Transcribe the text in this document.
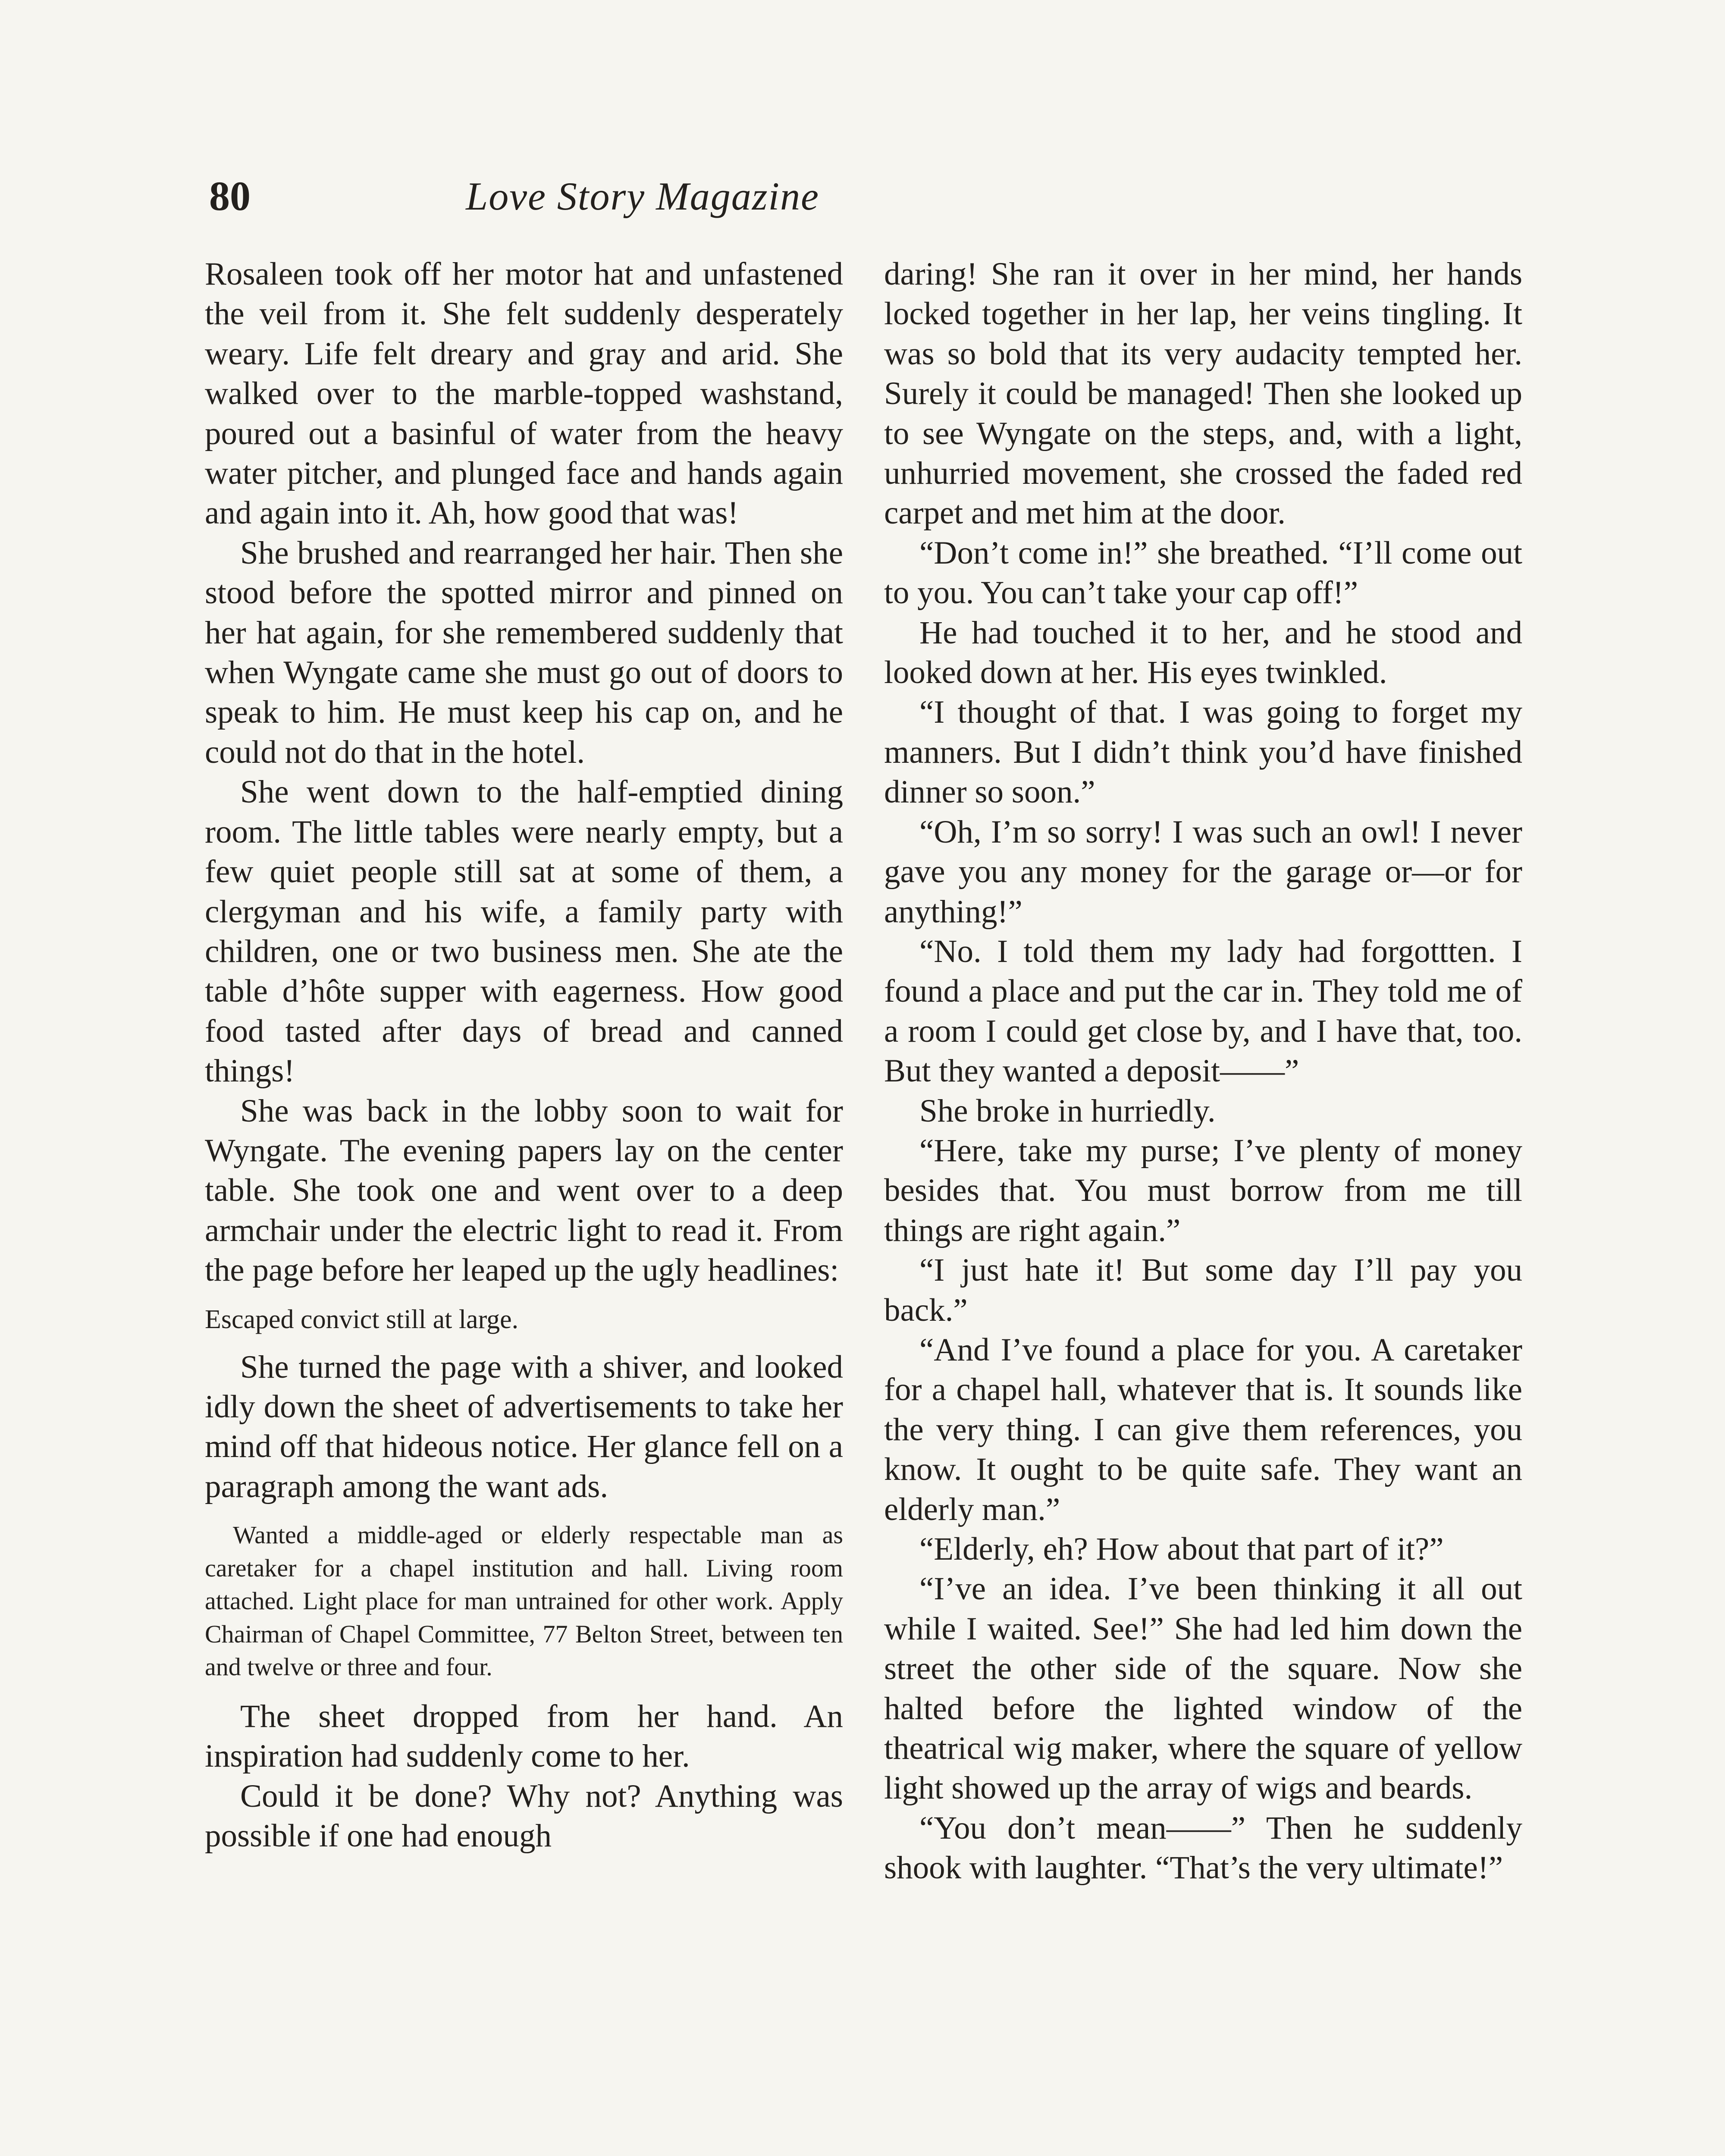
80	Love Story Magazine

Rosaleen took off her motor hat and unfastened the veil from it. She felt suddenly desperately weary. Life felt dreary and gray and arid. She walked over to the marble-topped washstand, poured out a basinful of water from the heavy water pitcher, and plunged face and hands again and again into it. Ah, how good that was!

She brushed and rearranged her hair. Then she stood before the spotted mirror and pinned on her hat again, for she remembered suddenly that when Wyngate came she must go out of doors to speak to him. He must keep his cap on, and he could not do that in the hotel.

She went down to the half-emptied dining room. The little tables were nearly empty, but a few quiet people still sat at some of them, a clergyman and his wife, a family party with children, one or two business men. She ate the table d’hôte supper with eagerness. How good food tasted after days of bread and canned things!

She was back in the lobby soon to wait for Wyngate. The evening papers lay on the center table. She took one and went over to a deep armchair under the electric light to read it. From the page before her leaped up the ugly headlines:

Escaped convict still at large.

She turned the page with a shiver, and looked idly down the sheet of advertisements to take her mind off that hideous notice. Her glance fell on a paragraph among the want ads.

Wanted a middle-aged or elderly respectable man as caretaker for a chapel institution and hall. Living room attached. Light place for man untrained for other work. Apply Chairman of Chapel Committee, 77 Belton Street, between ten and twelve or three and four.

The sheet dropped from her hand. An inspiration had suddenly come to her.

Could it be done? Why not? Anything was possible if one had enough

daring! She ran it over in her mind, her hands locked together in her lap, her veins tingling. It was so bold that its very audacity tempted her. Surely it could be managed! Then she looked up to see Wyngate on the steps, and, with a light, unhurried movement, she crossed the faded red carpet and met him at the door.

“Don’t come in!” she breathed. “I’ll come out to you. You can’t take your cap off!”

He had touched it to her, and he stood and looked down at her. His eyes twinkled.

“I thought of that. I was going to forget my manners. But I didn’t think you’d have finished dinner so soon.”

“Oh, I’m so sorry! I was such an owl! I never gave you any money for the garage or—or for anything!”

“No. I told them my lady had forgottten. I found a place and put the car in. They told me of a room I could get close by, and I have that, too. But they wanted a deposit——”

She broke in hurriedly.

“Here, take my purse; I’ve plenty of money besides that. You must borrow from me till things are right again.”

“I just hate it! But some day I’ll pay you back.”

“And I’ve found a place for you. A caretaker for a chapel hall, whatever that is. It sounds like the very thing. I can give them references, you know. It ought to be quite safe. They want an elderly man.”

“Elderly, eh? How about that part of it?”

“I’ve an idea. I’ve been thinking it all out while I waited. See!” She had led him down the street the other side of the square. Now she halted before the lighted window of the theatrical wig maker, where the square of yellow light showed up the array of wigs and beards.

“You don’t mean——” Then he suddenly shook with laughter. “That’s the very ultimate!”
